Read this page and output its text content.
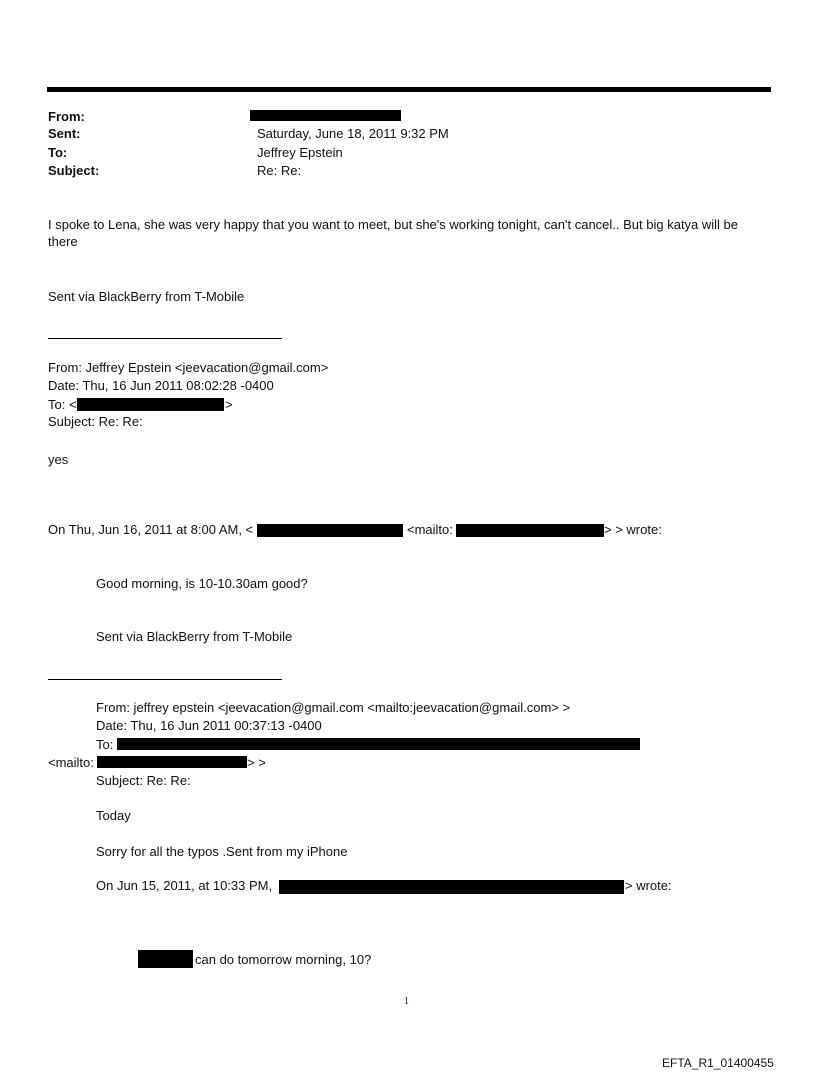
From:
Sent:	Saturday, June 18, 2011 9:32 PM
To:	Jeffrey Epstein
Subject:	Re: Re:
I spoke to Lena, she was very happy that you want to meet, but she's working tonight, can't cancel.. But big katya will be there
Sent via BlackBerry from T-Mobile
From: Jeffrey Epstein <jeevacation@gmail.com>
Date: Thu, 16 Jun 2011 08:02:28 -0400
To: <	>
Subject: Re: Re:
yes
On Thu, Jun 16, 2011 at 8:00 AM, <	<mailto:	> > wrote:
Good morning, is 10-10.30am good?
Sent via BlackBerry from T-Mobile
From: jeffrey epstein <jeevacation@gmail.com <mailto:jeevacation@gmail.com> >
Date: Thu, 16 Jun 2011 00:37:13 -0400
To:
<mailto:	> >
Subject: Re: Re:
Today
Sorry for all the typos .Sent from my iPhone
On Jun 15, 2011, at 10:33 PM,	> wrote:
can do tomorrow morning, 10?
1
EFTA_R1_01400455
